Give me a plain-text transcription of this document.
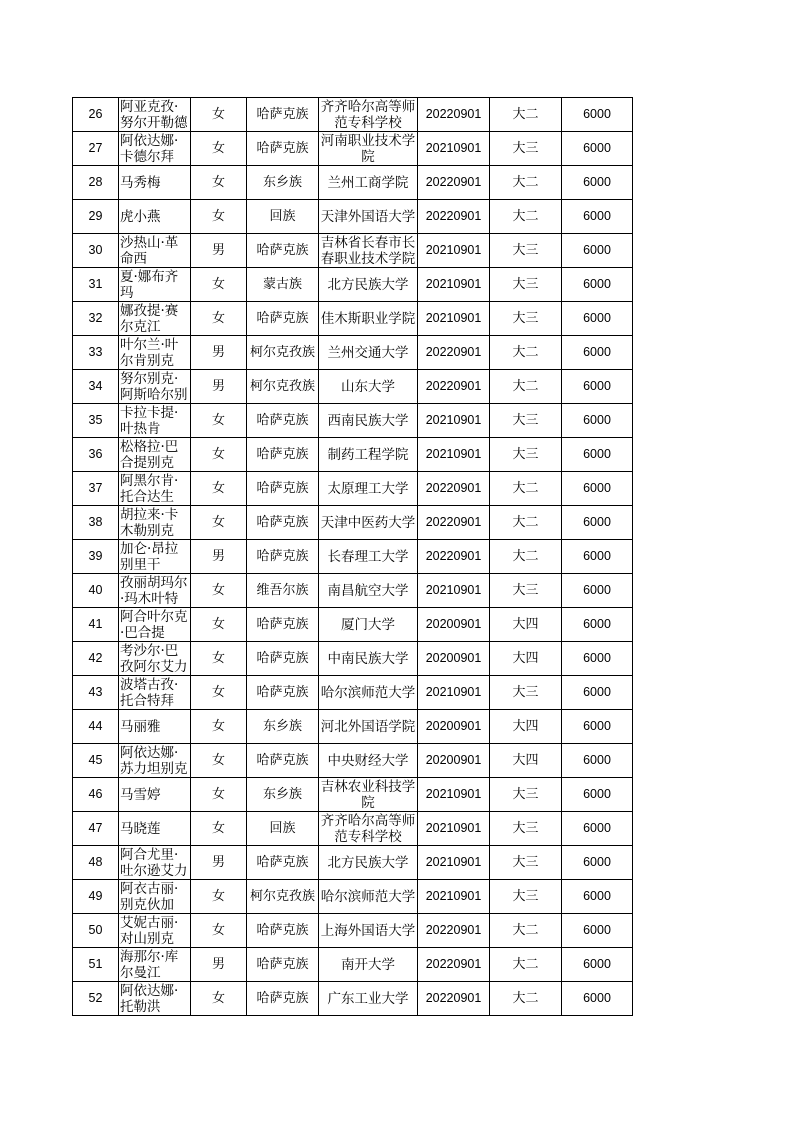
26	阿亚克孜·努尔开勒德	女	哈萨克族	齐齐哈尔高等师范专科学校	20220901	大二	6000
27	阿依达娜·卡德尔拜	女	哈萨克族	河南职业技术学院	20210901	大三	6000
28	马秀梅	女	东乡族	兰州工商学院	20220901	大二	6000
29	虎小燕	女	回族	天津外国语大学	20220901	大二	6000
30	沙热山·革命西	男	哈萨克族	吉林省长春市长春职业技术学院	20210901	大三	6000
31	夏·娜布齐玛	女	蒙古族	北方民族大学	20210901	大三	6000
32	娜孜提·赛尔克江	女	哈萨克族	佳木斯职业学院	20210901	大三	6000
33	叶尔兰·叶尔肯别克	男	柯尔克孜族	兰州交通大学	20220901	大二	6000
34	努尔别克·阿斯哈尔别	男	柯尔克孜族	山东大学	20220901	大二	6000
35	卡拉卡提·叶热肯	女	哈萨克族	西南民族大学	20210901	大三	6000
36	松格拉·巴合提别克	女	哈萨克族	制药工程学院	20210901	大三	6000
37	阿黑尔肯·托合达生	女	哈萨克族	太原理工大学	20220901	大二	6000
38	胡拉来·卡木勒别克	女	哈萨克族	天津中医药大学	20220901	大二	6000
39	加仑·昂拉别里干	男	哈萨克族	长春理工大学	20220901	大二	6000
40	孜丽胡玛尔·玛木叶特	女	维吾尔族	南昌航空大学	20210901	大三	6000
41	阿合叶尔克·巴合提	女	哈萨克族	厦门大学	20200901	大四	6000
42	考沙尔·巴孜阿尔艾力	女	哈萨克族	中南民族大学	20200901	大四	6000
43	波塔古孜·托合特拜	女	哈萨克族	哈尔滨师范大学	20210901	大三	6000
44	马丽雅	女	东乡族	河北外国语学院	20200901	大四	6000
45	阿依达娜·苏力坦别克	女	哈萨克族	中央财经大学	20200901	大四	6000
46	马雪婷	女	东乡族	吉林农业科技学院	20210901	大三	6000
47	马晓莲	女	回族	齐齐哈尔高等师范专科学校	20210901	大三	6000
48	阿合尤里·吐尔逊艾力	男	哈萨克族	北方民族大学	20210901	大三	6000
49	阿衣古丽·别克伙加	女	柯尔克孜族	哈尔滨师范大学	20210901	大三	6000
50	艾妮古丽·对山别克	女	哈萨克族	上海外国语大学	20220901	大二	6000
51	海那尔·库尔曼江	男	哈萨克族	南开大学	20220901	大二	6000
52	阿依达娜·托勒洪	女	哈萨克族	广东工业大学	20220901	大二	6000
